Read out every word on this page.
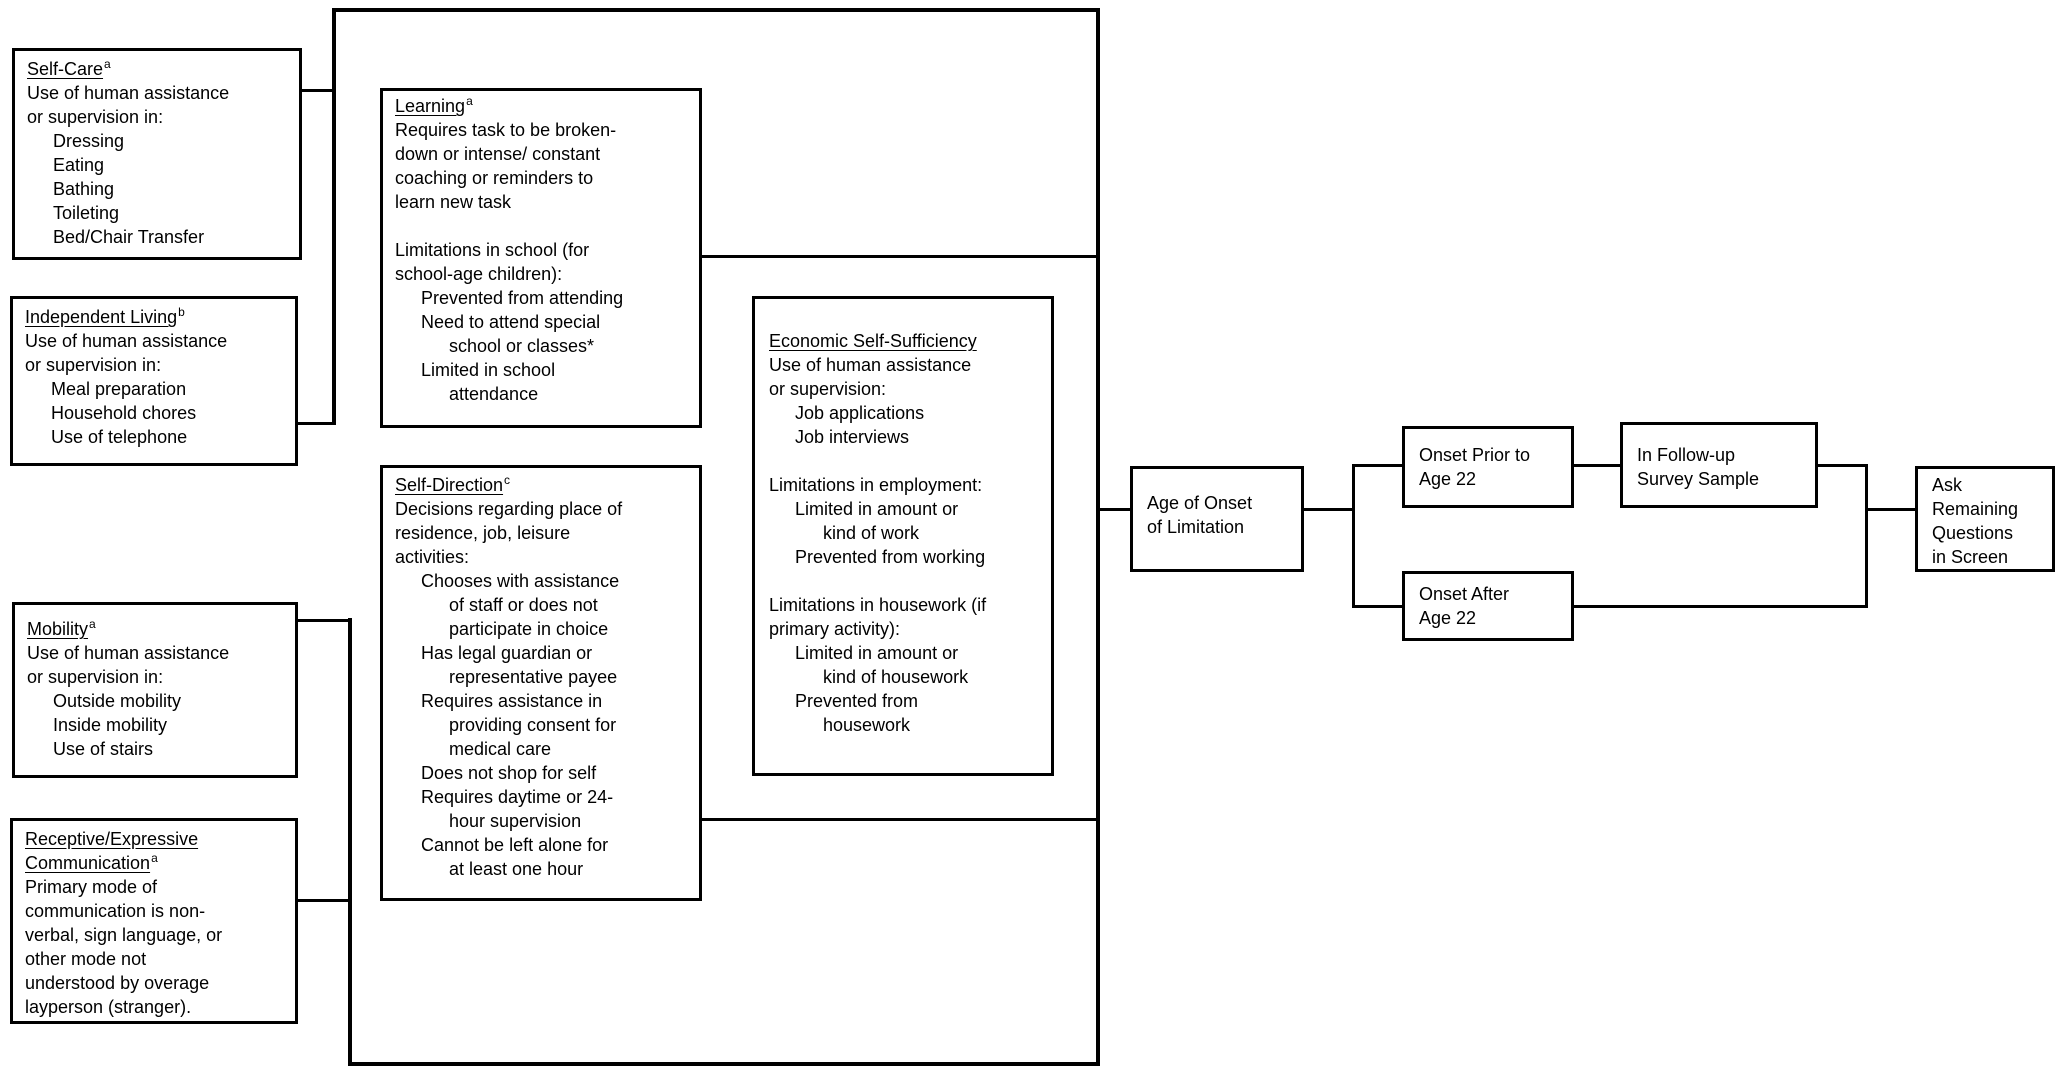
Self-Care$^a$
Use of human assistance
or supervision in:
Dressing
Eating
Bathing
Toileting
Bed/Chair Transfer
Independent Living$^b$
Use of human assistance
or supervision in:
Meal preparation
Household chores
Use of telephone
Mobility$^a$
Use of human assistance
or supervision in:
Outside mobility
Inside mobility
Use of stairs
Receptive/Expressive
Communication$^a$
Primary mode of
communication is non-
verbal, sign language, or
other mode not
understood by overage
layperson (stranger).
Learning$^a$
Requires task to be broken-
down or intense/ constant
coaching or reminders to
learn new task

Limitations in school (for
school-age children):
Prevented from attending
Need to attend special
school or classes*
Limited in school
attendance
Self-Direction$^c$
Decisions regarding place of
residence, job, leisure
activities:
Chooses with assistance
of staff or does not
participate in choice
Has legal guardian or
representative payee
Requires assistance in
providing consent for
medical care
Does not shop for self
Requires daytime or 24-
hour supervision
Cannot be left alone for
at least one hour
Economic Self-Sufficiency
Use of human assistance
or supervision:
Job applications
Job interviews

Limitations in employment:
Limited in amount or
kind of work
Prevented from working

Limitations in housework (if
primary activity):
Limited in amount or
kind of housework
Prevented from
housework
Age of Onset
of Limitation
Onset Prior to
Age 22
Onset After
Age 22
In Follow-up
Survey Sample	Ask
Remaining
Questions
in Screen
